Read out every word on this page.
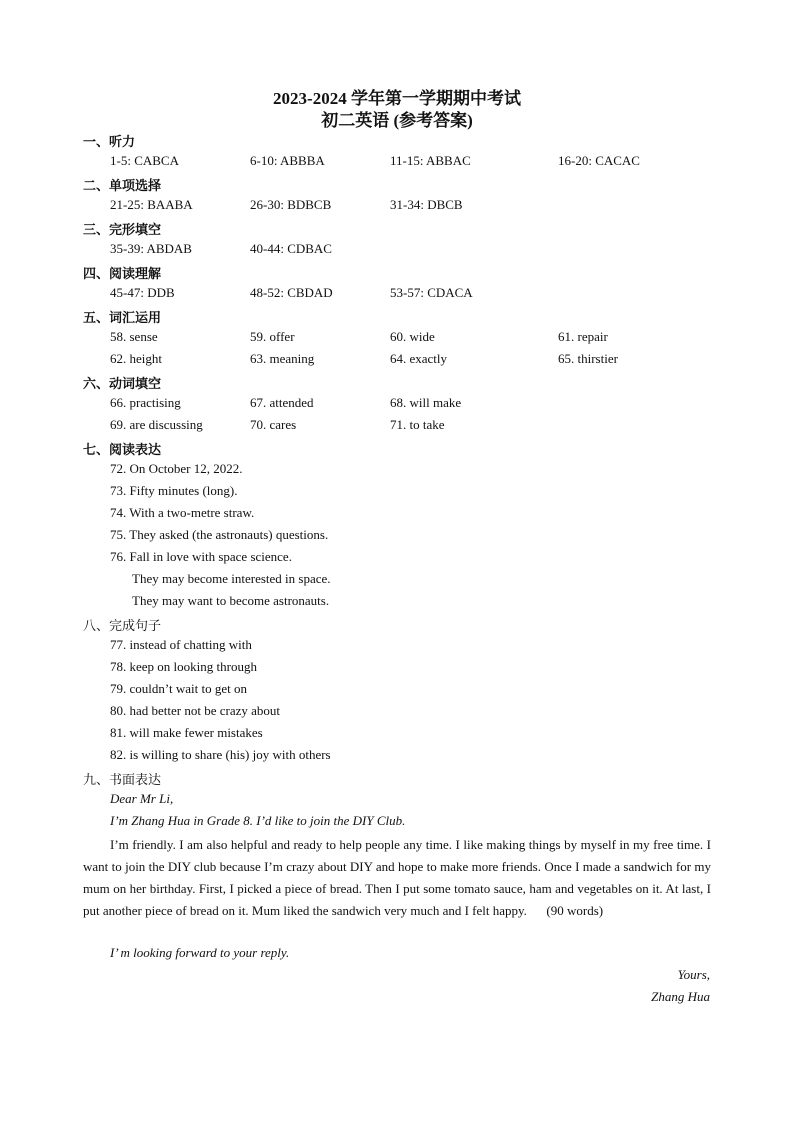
2023-2024 学年第一学期期中考试
初二英语 (参考答案)
一、听力
1-5: CABCA	6-10: ABBBA	11-15: ABBAC	16-20: CACAC
二、单项选择
21-25: BAABA	26-30: BDBCB	31-34: DBCB
三、完形填空
35-39: ABDAB	40-44: CDBAC
四、阅读理解
45-47: DDB	48-52: CBDAD	53-57: CDACA
五、词汇运用
58. sense	59. offer	60. wide	61. repair
62. height	63. meaning	64. exactly	65. thirstier
六、动词填空
66. practising	67. attended	68. will make
69. are discussing	70. cares	71. to take
七、阅读表达
72. On October 12, 2022.
73. Fifty minutes (long).
74. With a two-metre straw.
75. They asked (the astronauts) questions.
76. Fall in love with space science.
They may become interested in space.
They may want to become astronauts.
八、完成句子
77. instead of chatting with
78. keep on looking through
79. couldn’t wait to get on
80. had better not be crazy about
81. will make fewer mistakes
82. is willing to share (his) joy with others
九、书面表达
Dear Mr Li,
I’m Zhang Hua in Grade 8. I’d like to join the DIY Club.
I’m friendly. I am also helpful and ready to help people any time. I like making things by myself in my free time. I want to join the DIY club because I’m crazy about DIY and hope to make more friends. Once I made a sandwich for my mum on her birthday. First, I picked a piece of bread. Then I put some tomato sauce, ham and vegetables on it. At last, I put another piece of bread on it. Mum liked the sandwich very much and I felt happy.      (90 words)
I’ m looking forward to your reply.
Yours,
Zhang Hua
